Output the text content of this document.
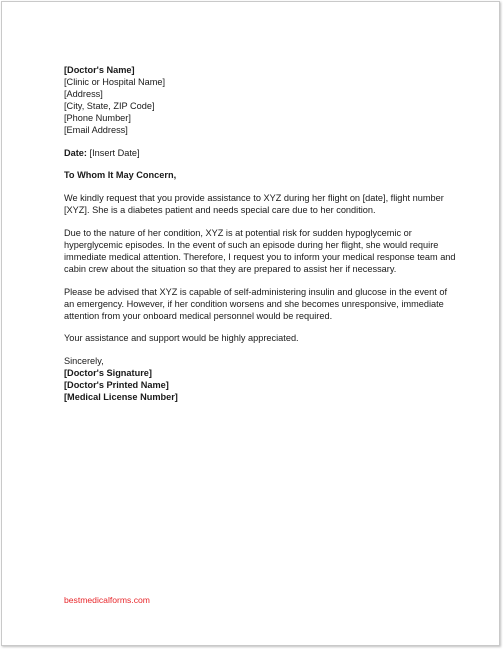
[Doctor's Name]
[Clinic or Hospital Name]
[Address]
[City, State, ZIP Code]
[Phone Number]
[Email Address]
Date: [Insert Date]
To Whom It May Concern,

We kindly request that you provide assistance to XYZ during her flight on [date], flight number [XYZ]. She is a diabetes patient and needs special care due to her condition.

Due to the nature of her condition, XYZ is at potential risk for sudden hypoglycemic or hyperglycemic episodes. In the event of such an episode during her flight, she would require immediate medical attention. Therefore, I request you to inform your medical response team and cabin crew about the situation so that they are prepared to assist her if necessary.

Please be advised that XYZ is capable of self-administering insulin and glucose in the event of an emergency. However, if her condition worsens and she becomes unresponsive, immediate attention from your onboard medical personnel would be required.

Your assistance and support would be highly appreciated.

Sincerely,
[Doctor's Signature]
[Doctor's Printed Name]
[Medical License Number]
bestmedicalforms.com
